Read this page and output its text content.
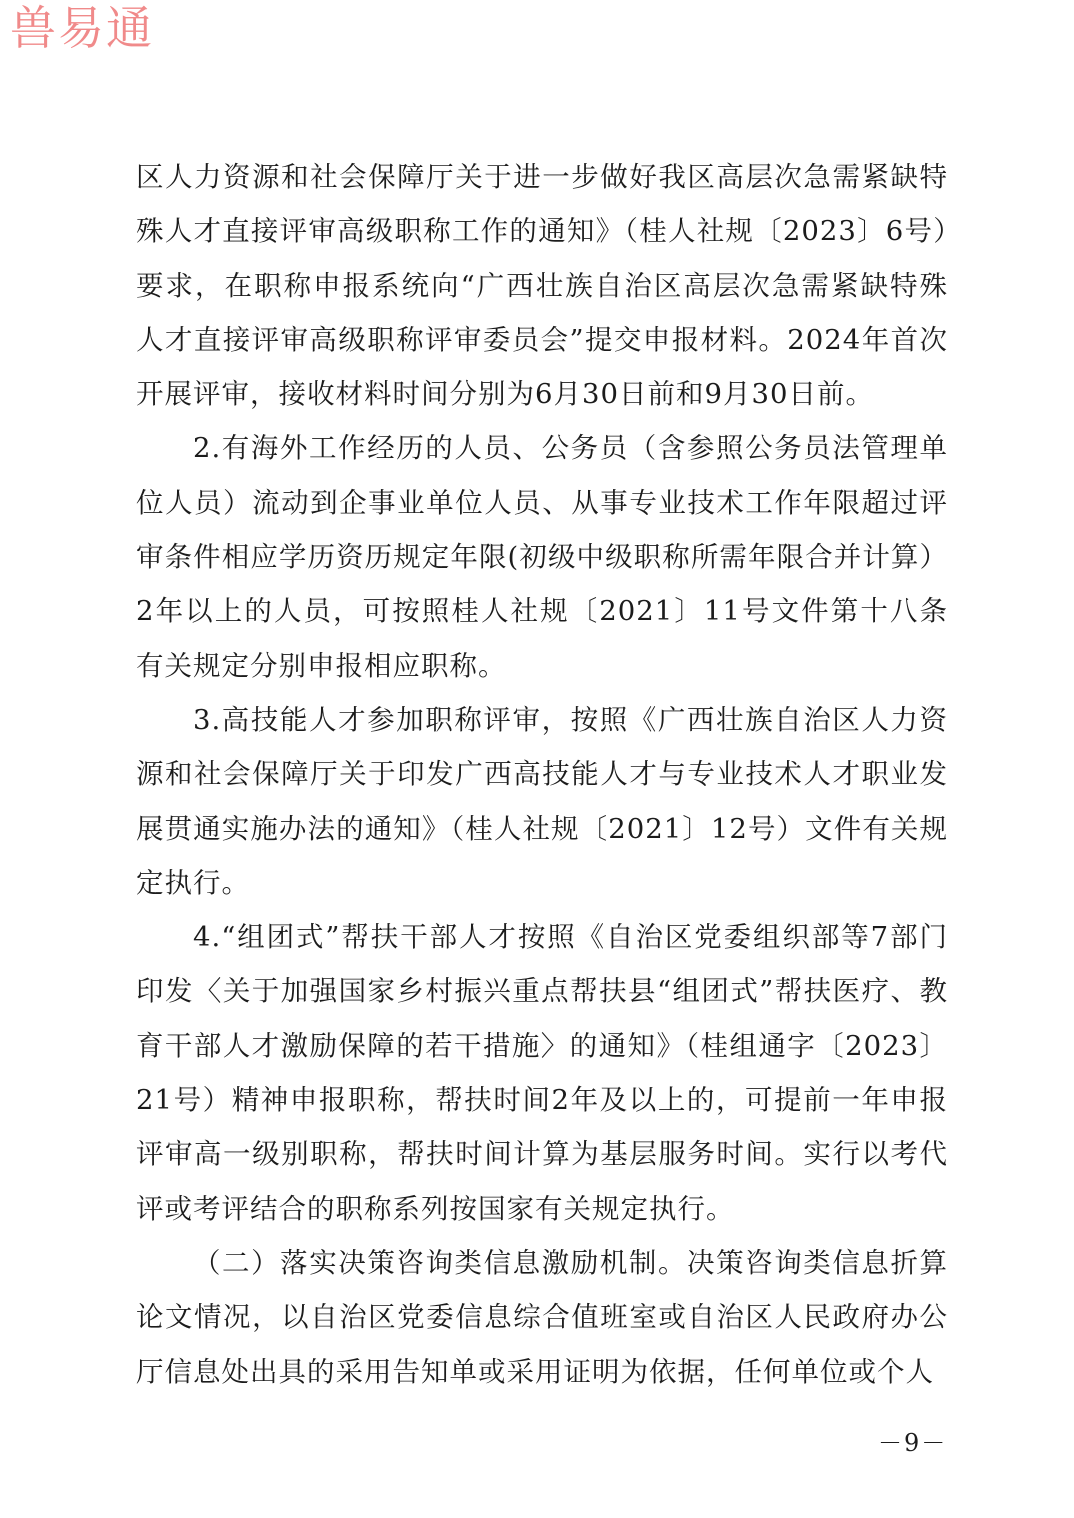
兽易通

区人力资源和社会保障厅关于进一步做好我区高层次急需紧缺特殊人才直接评审高级职称工作的通知》（桂人社规〔2023〕6号）要求，在职称申报系统向“广西壮族自治区高层次急需紧缺特殊人才直接评审高级职称评审委员会”提交申报材料。2024年首次开展评审，接收材料时间分别为6月30日前和9月30日前。

2.有海外工作经历的人员、公务员（含参照公务员法管理单位人员）流动到企事业单位人员、从事专业技术工作年限超过评审条件相应学历资历规定年限(初级中级职称所需年限合并计算）2年以上的人员，可按照桂人社规〔2021〕11号文件第十八条有关规定分别申报相应职称。

3.高技能人才参加职称评审，按照《广西壮族自治区人力资源和社会保障厅关于印发广西高技能人才与专业技术人才职业发展贯通实施办法的通知》（桂人社规〔2021〕12号）文件有关规定执行。

4.“组团式”帮扶干部人才按照《自治区党委组织部等7部门印发〈关于加强国家乡村振兴重点帮扶县“组团式”帮扶医疗、教育干部人才激励保障的若干措施〉的通知》（桂组通字〔2023〕21号）精神申报职称，帮扶时间2年及以上的，可提前一年申报评审高一级别职称，帮扶时间计算为基层服务时间。实行以考代评或考评结合的职称系列按国家有关规定执行。

（二）落实决策咨询类信息激励机制。决策咨询类信息折算论文情况，以自治区党委信息综合值班室或自治区人民政府办公厅信息处出具的采用告知单或采用证明为依据，任何单位或个人

－9－
